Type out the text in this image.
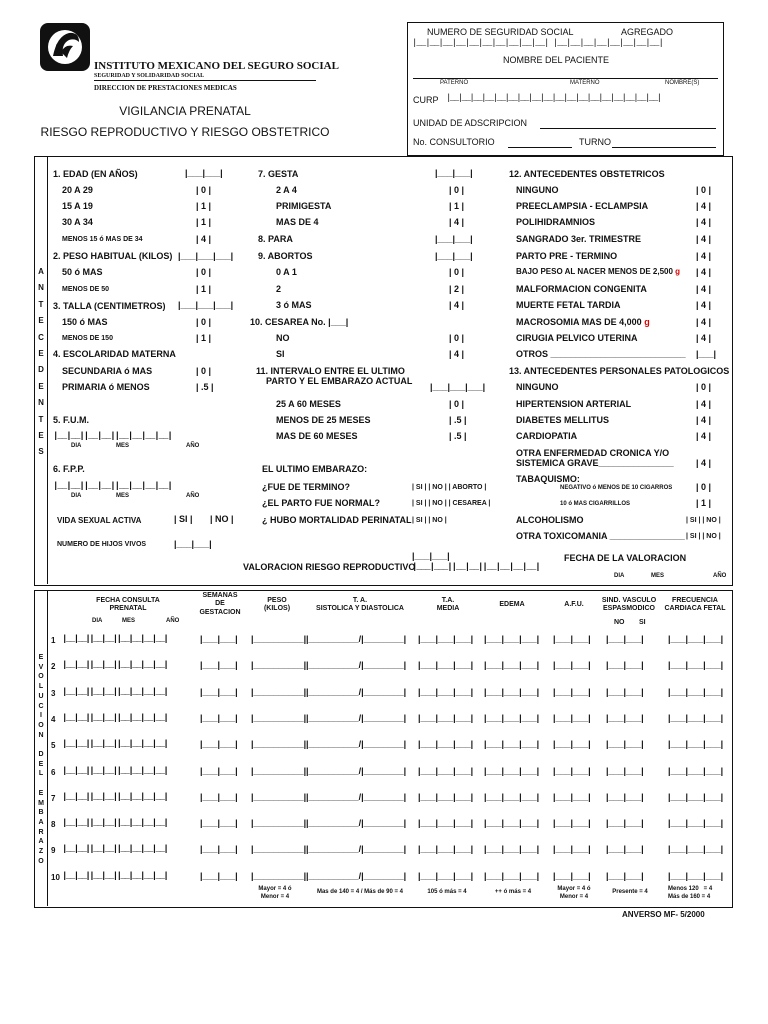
INSTITUTO MEXICANO DEL SEGURO SOCIAL
SEGURIDAD Y SOLIDARIDAD SOCIAL
DIRECCION DE PRESTACIONES MEDICAS
VIGILANCIA PRENATAL
RIESGO REPRODUCTIVO Y RIESGO OBSTETRICO
NUMERO DE SEGURIDAD SOCIAL	AGREGADO
|__|__|__|__|__|__|__|__|__|__| |__|__|__|__|__|__|__|__|
NOMBRE DEL PACIENTE
PATERNO	MATERNO	NOMBRE(S)
CURP |__|__|__|__|__|__|__|__|__|__|__|__|__|__|__|__|__|__|
UNIDAD DE ADSCRIPCION
No. CONSULTORIO	TURNO
A
N
T
E
C
E
D
E
N
T
E
S
1. EDAD (EN AÑOS)	|___|___|
2. PESO HABITUAL (KILOS) |___|___|___|
3. TALLA (CENTIMETROS) |___|___|___|
4. ESCOLARIDAD MATERNA
5. F.U.M.
|__|__||__|__||__|__|__|__|
DIA	MES	AÑO
6. F.P.P.
|__|__||__|__||__|__|__|__|
DIA	MES	AÑO
VIDA SEXUAL ACTIVA	| SI | | NO |
NUMERO DE HIJOS VIVOS	|___|___|
7. GESTA	|___|___|
8. PARA	|___|___|
9. ABORTOS	|___|___|
10. CESAREA No. |___|
11. INTERVALO ENTRE EL ULTIMO
PARTO Y EL EMBARAZO ACTUAL
|___|___|___|
EL ULTIMO EMBARAZO:
¿FUE DE TERMINO?	| SI | | NO | | ABORTO |
¿EL PARTO FUE NORMAL?	| SI | | NO | | CESAREA |
¿ HUBO MORTALIDAD PERINATAL | SI | | NO |
12. ANTECEDENTES OBSTETRICOS
13. ANTECEDENTES PERSONALES PATOLOGICOS
OTRA ENFERMEDAD CRONICA Y/O
SISTEMICA GRAVE_______________ | 4 |
TABAQUISMO:
NEGATIVO ó MENOS DE 10 CIGARROS	| 0 |
10 ó MAS CIGARRILLOS	| 1 |
ALCOHOLISMO	| SI | | NO |
OTRA TOXICOMANIA _______________ | SI | | NO |
VALORACION RIESGO REPRODUCTIVO
|___|___|
|___|___||__|__||__|__|__|__|
FECHA DE LA VALORACION
DIA	MES	AÑO
E
V
O
L
U
C
I
O
N
D
E
L
E
M
B
A
R
A
Z
O
FECHA CONSULTA
PRENATAL
DIA	MES	AÑO
SEMANAS
DE
GESTACION
PESO
(KILOS)
T. A.
SISTOLICA Y DIASTOLICA
T.A.
MEDIA
EDEMA	A.F.U.
SIND. VASCULO
ESPASMODICO
NO SI
FRECUENCIA
CARDIACA FETAL
1 |__|__||__|__||__|__|__|__|	|___|___| |__________| |__________/|________| |___|___|___| |___|___|___| |___|___| |___|___|	|___|___|___|
2 |__|__||__|__||__|__|__|__|	|___|___| |__________| |__________/|________| |___|___|___| |___|___|___| |___|___| |___|___|	|___|___|___|
3 |__|__||__|__||__|__|__|__|	|___|___| |__________| |__________/|________| |___|___|___| |___|___|___| |___|___| |___|___|	|___|___|___|
4 |__|__||__|__||__|__|__|__|	|___|___| |__________| |__________/|________| |___|___|___| |___|___|___| |___|___| |___|___|	|___|___|___|
5 |__|__||__|__||__|__|__|__|	|___|___| |__________| |__________/|________| |___|___|___| |___|___|___| |___|___| |___|___|	|___|___|___|
6 |__|__||__|__||__|__|__|__|	|___|___| |__________| |__________/|________| |___|___|___| |___|___|___| |___|___| |___|___|	|___|___|___|
7 |__|__||__|__||__|__|__|__|	|___|___| |__________| |__________/|________| |___|___|___| |___|___|___| |___|___| |___|___|	|___|___|___|
8 |__|__||__|__||__|__|__|__|	|___|___| |__________| |__________/|________| |___|___|___| |___|___|___| |___|___| |___|___|	|___|___|___|
9 |__|__||__|__||__|__|__|__|	|___|___| |__________| |__________/|________| |___|___|___| |___|___|___| |___|___| |___|___|	|___|___|___|
10 |__|__||__|__||__|__|__|__|	|___|___| |__________| |__________/|________| |___|___|___| |___|___|___| |___|___| |___|___|	|___|___|___|
Mayor = 4 ó
Menor = 4
Mas de 140 = 4 / Más de 90 = 4	105 ó más = 4	++ ó más = 4	Mayor = 4 ó
Menor = 4
Presente = 4	Menos 120   = 4
Más de 160 = 4
ANVERSO MF- 5/2000
20 A 29	| 0 |
15 A 19	| 1 |
30 A 34	| 1 |
MENOS 15 ó MAS DE 34	| 4 |
50 ó MAS	| 0 |
MENOS DE 50	| 1 |
150 ó MAS	| 0 |
MENOS DE 150	| 1 |
SECUNDARIA ó MAS	| 0 |
PRIMARIA ó MENOS	| .5 |
2 A 4	| 0 |
PRIMIGESTA	| 1 |
MAS DE 4	| 4 |
0 A 1	| 0 |
2	| 2 |
3 ó MAS	| 4 |
NO	| 0 |
SI	| 4 |
25 A 60 MESES	| 0 |
MENOS DE 25 MESES	| .5 |
MAS DE 60 MESES	| .5 |
NINGUNO	| 0 |
PREECLAMPSIA - ECLAMPSIA	| 4 |
POLIHIDRAMNIOS	| 4 |
SANGRADO 3er. TRIMESTRE	| 4 |
PARTO PRE - TERMINO	| 4 |
BAJO PESO AL NACER MENOS DE 2,500 g | 4 |
MALFORMACION CONGENITA	| 4 |
MUERTE FETAL TARDIA	| 4 |
MACROSOMIA MAS DE 4,000 g	| 4 |
CIRUGIA PELVICO UTERINA	| 4 |
OTROS ___________________________ |___|
NINGUNO	| 0 |
HIPERTENSION ARTERIAL	| 4 |
DIABETES MELLITUS	| 4 |
CARDIOPATIA	| 4 |
